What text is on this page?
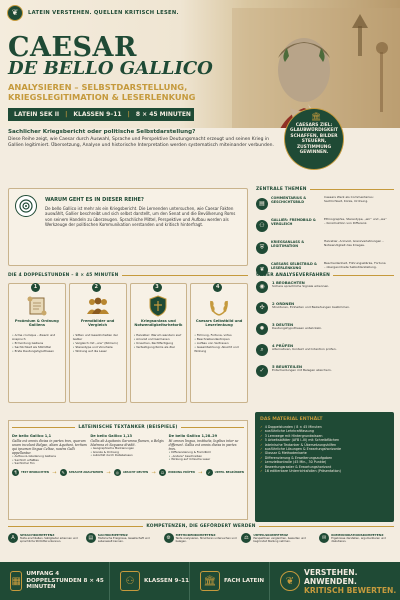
❦	LATEIN VERSTEHEN. QUELLEN KRITISCH LESEN.
CAESAR
DE BELLO GALLICO
ANALYSIEREN – SELBSTDARSTELLUNG, KRIEGSLEGITIMATION & LESERLENKUNG
LATEIN SEK II | KLASSEN 9–11 | 8 × 45 MINUTEN	🏛
CAESARS ZIEL: GLAUBWÜRDIGKEIT SCHAFFEN, BILDER STEUERN, ZUSTIMMUNG GEWINNEN.
Sachlicher Kriegsbericht oder politische Selbstdarstellung?
Diese Reihe zeigt, wie Caesar durch Auswahl, Sprache und Perspektive Deutungsmacht erzeugt und seinen Krieg in Gallien legitimiert. Übersetzung, Analyse und historische Interpretation werden systematisch miteinander verbunden.
WARUM GEHT ES IN DIESER REIHE?
De bello Gallico ist mehr als ein Kriegsbericht. Die Lernenden untersuchen, wie Caesar Fakten auswählt, Gallier beschreibt und sich selbst darstellt, um den Senat und die Bevölkerung Roms von seinem Handeln zu überzeugen. Sprachliche Mittel, Perspektive und Aufbau werden als Werkzeuge der politischen Kommunikation verstanden und kritisch hinterfragt.
ZENTRALE THEMEN
▤
COMMENTARIUS & GESCHICHTSBILD
Caesars Werk als Commentarius: Sachlichkeit, Kürze, Ordnung.
⚇
GALLIER: FREMDBILD & VERGLEICH
Ethnographie, Stereotype, „wir“ und „sie“ – Konstruktion von Differenz.
⛨
KRIEGSANLASS & LEGITIMATION
Helvetier, Ariovist, Grenzverletzungen – Notwendigkeit des Krieges.
❦
CAESARS SELBSTBILD & LESERLENKUNG
Bescheidenheit, Führungsstärke, Fortuna – übergeordnete Selbstdarstellung.
DIE 4 DOPPELSTUNDEN – 8 × 45 MINUTEN
1
Proömium & Ordnung Galliens
• Arme crumque – Zweck und Anspruch
• Ermordung Galliens
• Sachlichkeit als Stilmittel
• Erste Deutungshypothesen
2
Fremdbilder und Vergleich
• Sitten und Gewohnheiten der Gallier
• Vergleich mit „uns“ (Römern)
• Stereotype und Vorurteile
• Wirkung auf die Leser
3
Kriegsanlass und Notwendigkeitsrhetorik
• Helvetier: Warum wandern sie?
• Ariovist und Germanen
• Ursachen, Rechtfertigung
• Verteidigung Roms als Ziel
4
Caesars Selbstbild und Leserlenkung
• Führung, Fortuna, virtus
• Beschreibendentropen
• Aufbau von Vertrauen
• Gesamtwirkung: Absicht und Wirkung
UNSER ANALYSEVERFAHREN
◉
1 BEOBACHTEN
Sichere sprachliche Signale erkennen.
✣
2 ORDNEN
Strukturen, Einheiten und Beziehungen bestimmen.
✹
3 DEUTEN
Deutungshypothesen entwickeln.
⌕
4 PRÜFEN
Alternativen, Kontext und Intention prüfen.
✓
5 BEURTEILEN
Entscheidungen mit Belegen absichern.
LATEINISCHE TEXTANKER (BEISPIELE)
De bello Gallico 1,1
Gallia est omnis divisa in partes tres, quarum unam incolunt Belgae, aliam Aquitani, tertiam qui ipsorum lingua Celtae, nostra Galli appellantur.
• Aufbau & Gliederung Galliens
• Sachlich erfaßtes
• Sachlicher Ton
De bello Gallico 1,13
Gallis ab Aquitanis Garumna flumen, a Belgis Matrona et Sequana dividit.
• Geographische Markierungen
• Grenze & Ordnung
• Autorität durch Detailwissen
De bello Gallico 1,28–29
Hi omnes lingua, institutis, legibus inter se differunt. Gallia est omnis divisa in partes tres.
• Differenzierung & Fremdbild
• „Andere“ beschreiben
• Wirkung auf römische Leser
¶	TEXT BEOBACHTEN →	✎	SPRACHE ANALYSIEREN →	◎	ABSICHT DEUTEN →	⚖	WIRKUNG PRÜFEN →	✓	URTEIL BEGRÜNDEN
DAS MATERIAL ENTHÄLT
✓ 4 Doppelstunden / 8 × 45 Minuten
✓ ausführliche Lehrkraftfassung
✓ 3 Lernwege mit Hintergrundwissen
✓ 5 Arbeitsblätter (AFB I–III) mit Schreibflächen
✓ lateinische Textanker & Übersetzungshilfen
✓ ausführliche Lösungen & Erwartungshorizonte
✓ Glossar & Methodenkarte
✓ Differenzierung & Erweiterungsaufgaben
✓ Lernzielkontrolle (45 Min., 30 Punkte)
✓ Bewertungsraster & Erwartungshorizont
✓ 16 editierbare Unterrichtsfolien (Präsentation)
KOMPETENZEN, DIE GEFÖRDERT WERDEN
A	SPRACHKOMPETENZ
Texte erschließen, Satzglieder erkennen und sprachliche Stilmittel erkennen.
▤	SACHKOMPETENZ
Historische Ereignisse, Gesellschaft und Lebenswelt kennen.
⚙	METHODENKOMPETENZ
Texte analysieren, Strukturen untersuchen und belegen.
⚖	URTEILSKOMPETENZ
Perspektiven vergleichen, bewerten und begründet Stellung nehmen.
✉	KOMMUNIKATIONSKOMPETENZ
Ergebnisse darstellen, argumentieren und diskutieren.
▦
UMFANG 4 DOPPELSTUNDEN 8 × 45 MINUTEN
⚇	KLASSEN 9–11	🏛	FACH LATEIN	❦
VERSTEHEN.
ANWENDEN.
KRITISCH BEWERTEN.
